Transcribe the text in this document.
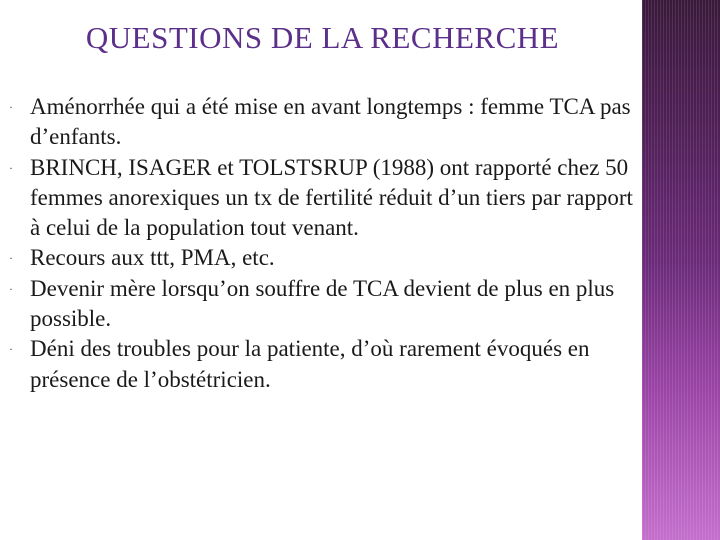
QUESTIONS DE LA RECHERCHE
· Aménorrhée qui a été mise en avant longtemps : femme TCA pas d’enfants.
· BRINCH, ISAGER et TOLSTSRUP (1988) ont rapporté chez 50 femmes anorexiques un tx de fertilité réduit d’un tiers par rapport à celui de la population tout venant.
· Recours aux ttt, PMA, etc.
· Devenir mère lorsqu’on souffre de TCA devient de plus en plus possible.
· Déni des troubles pour la patiente, d’où rarement évoqués en présence de l’obstétricien.
